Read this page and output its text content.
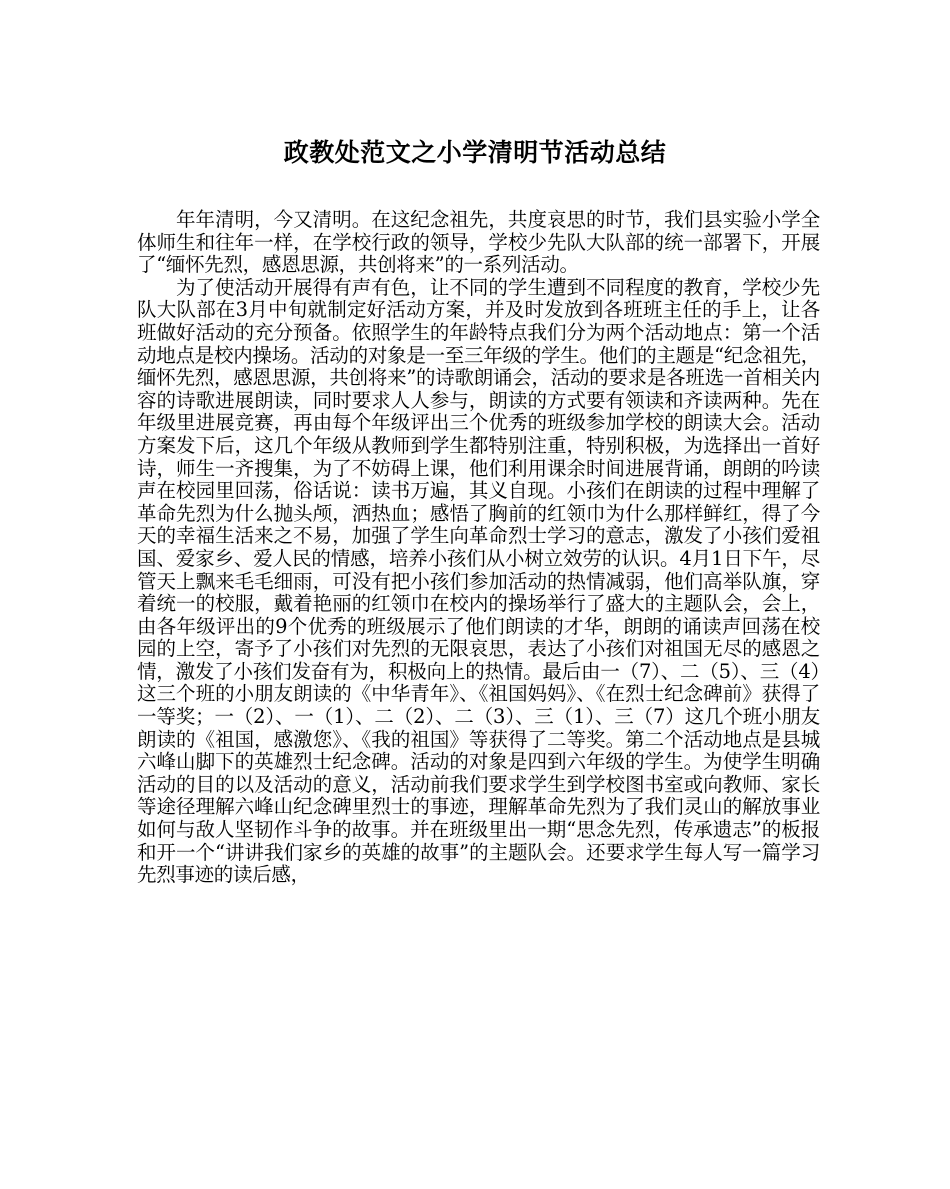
政教处范文之小学清明节活动总结

年年清明，今又清明。在这纪念祖先，共度哀思的时节，我们县实验小学全体师生和往年一样，在学校行政的领导，学校少先队大队部的统一部署下，开展了“缅怀先烈，感恩思源，共创将来”的一系列活动。

为了使活动开展得有声有色，让不同的学生遭到不同程度的教育，学校少先队大队部在3月中旬就制定好活动方案，并及时发放到各班班主任的手上，让各班做好活动的充分预备。依照学生的年龄特点我们分为两个活动地点：第一个活动地点是校内操场。活动的对象是一至三年级的学生。他们的主题是“纪念祖先，缅怀先烈，感恩思源，共创将来”的诗歌朗诵会，活动的要求是各班选一首相关内容的诗歌进展朗读，同时要求人人参与，朗读的方式要有领读和齐读两种。先在年级里进展竞赛，再由每个年级评出三个优秀的班级参加学校的朗读大会。活动方案发下后，这几个年级从教师到学生都特别注重，特别积极，为选择出一首好诗，师生一齐搜集，为了不妨碍上课，他们利用课余时间进展背诵，朗朗的吟读声在校园里回荡，俗话说：读书万遍，其义自现。小孩们在朗读的过程中理解了革命先烈为什么抛头颅，洒热血；感悟了胸前的红领巾为什么那样鲜红，得了今天的幸福生活来之不易，加强了学生向革命烈士学习的意志，激发了小孩们爱祖国、爱家乡、爱人民的情感，培养小孩们从小树立效劳的认识。4月1日下午，尽管天上飘来毛毛细雨，可没有把小孩们参加活动的热情减弱，他们高举队旗，穿着统一的校服，戴着艳丽的红领巾在校内的操场举行了盛大的主题队会，会上，由各年级评出的9个优秀的班级展示了他们朗读的才华，朗朗的诵读声回荡在校园的上空，寄予了小孩们对先烈的无限哀思，表达了小孩们对祖国无尽的感恩之情，激发了小孩们发奋有为，积极向上的热情。最后由一（7）、二（5）、三（4）这三个班的小朋友朗读的《中华青年》、《祖国妈妈》、《在烈士纪念碑前》获得了一等奖；一（2）、一（1）、二（2）、二（3）、三（1）、三（7）这几个班小朋友朗读的《祖国，感激您》、《我的祖国》等获得了二等奖。第二个活动地点是县城六峰山脚下的英雄烈士纪念碑。活动的对象是四到六年级的学生。为使学生明确活动的目的以及活动的意义，活动前我们要求学生到学校图书室或向教师、家长等途径理解六峰山纪念碑里烈士的事迹，理解革命先烈为了我们灵山的解放事业如何与敌人坚韧作斗争的故事。并在班级里出一期“思念先烈，传承遗志”的板报和开一个“讲讲我们家乡的英雄的故事”的主题队会。还要求学生每人写一篇学习先烈事迹的读后感，
